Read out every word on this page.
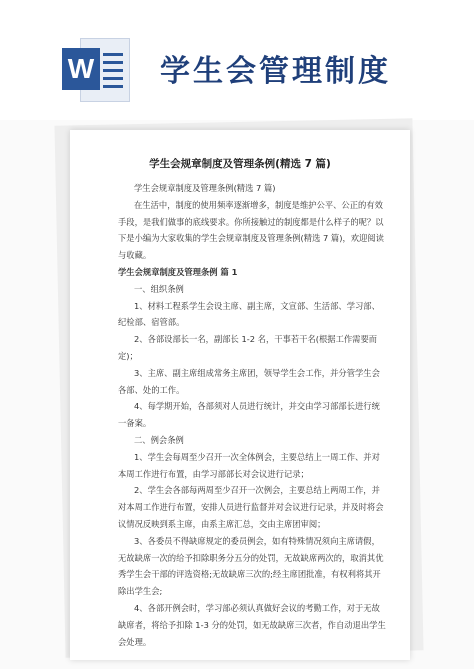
W 学生会管理制度
学生会规章制度及管理条例(精选 7 篇)

学生会规章制度及管理条例(精选 7 篇)

在生活中，制度的使用频率逐渐增多，制度是维护公平、公正的有效手段，是我们做事的底线要求。你所接触过的制度都是什么样子的呢？以下是小编为大家收集的学生会规章制度及管理条例(精选 7 篇)，欢迎阅读与收藏。

学生会规章制度及管理条例 篇 1

一、组织条例

1、材料工程系学生会设主席、副主席，文宣部、生活部、学习部、纪检部、宿管部。

2、各部设部长一名，副部长 1-2 名，干事若干名(根据工作需要而定)；

3、主席、副主席组成常务主席团，领导学生会工作，并分管学生会各部、处的工作。

4、每学期开始，各部须对人员进行统计，并交由学习部部长进行统一备案。

二、例会条例

1、学生会每周至少召开一次全体例会，主要总结上一周工作、并对本周工作进行布置，由学习部部长对会议进行记录；

2、学生会各部每两周至少召开一次例会，主要总结上两周工作，并对本周工作进行布置，安排人员进行监督并对会议进行记录，并及时将会议情况反映到系主席，由系主席汇总，交由主席团审阅；

3、各委员不得缺席规定的委员例会，如有特殊情况须向主席请假，无故缺席一次的给予扣除职务分五分的处罚，无故缺席两次的，取消其优秀学生会干部的评选资格;无故缺席三次的;经主席团批准，有权利将其开除出学生会;

4、各部开例会时，学习部必须认真做好会议的考勤工作，对于无故缺席者，将给予扣除 1-3 分的处罚，如无故缺席三次者，作自动退出学生会处理。
